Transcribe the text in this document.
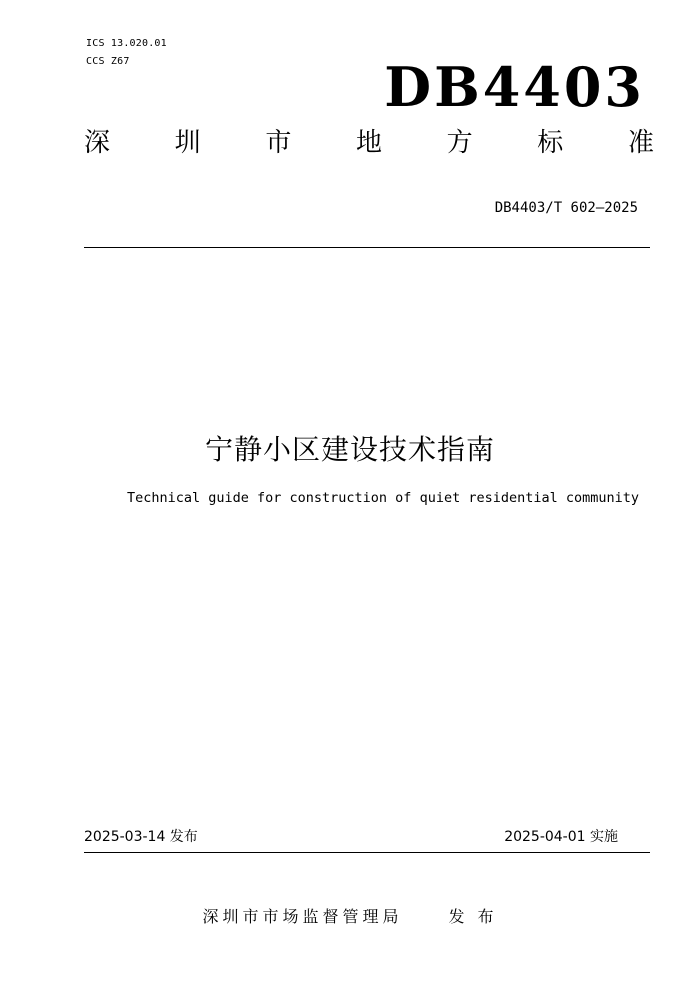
ICS 13.020.01
CCS Z67	DB4403
深 圳 市 地 方 标 准
DB4403/T 602—2025
宁静小区建设技术指南
Technical guide for construction of quiet residential community
2025-03-14 发布	2025-04-01 实施
深圳市市场监督管理局	发 布
